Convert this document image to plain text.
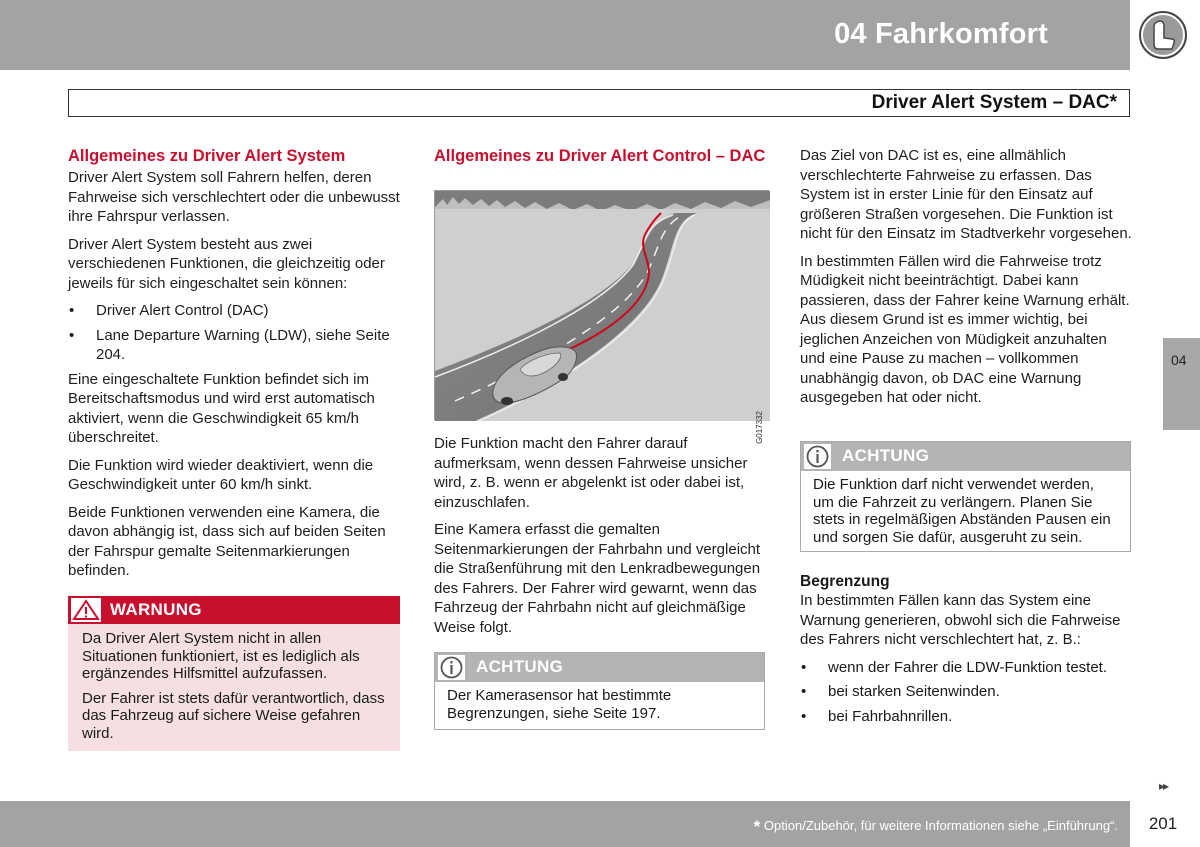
04 Fahrkomfort
Driver Alert System – DAC*
04
Allgemeines zu Driver Alert System

Driver Alert System soll Fahrern helfen, deren Fahrweise sich verschlechtert oder die unbewusst ihre Fahrspur verlassen.

Driver Alert System besteht aus zwei verschiedenen Funktionen, die gleichzeitig oder jeweils für sich eingeschaltet sein können:

• Driver Alert Control (DAC)
• Lane Departure Warning (LDW), siehe Seite 204.

Eine eingeschaltete Funktion befindet sich im Bereitschaftsmodus und wird erst automatisch aktiviert, wenn die Geschwindigkeit 65 km/h überschreitet.

Die Funktion wird wieder deaktiviert, wenn die Geschwindigkeit unter 60 km/h sinkt.

Beide Funktionen verwenden eine Kamera, die davon abhängig ist, dass sich auf beiden Seiten der Fahrspur gemalte Seitenmarkierungen befinden.

WARNUNG

Da Driver Alert System nicht in allen Situationen funktioniert, ist es lediglich als ergänzendes Hilfsmittel aufzufassen.

Der Fahrer ist stets dafür verantwortlich, dass das Fahrzeug auf sichere Weise gefahren wird.

Allgemeines zu Driver Alert Control – DAC
G017332

Die Funktion macht den Fahrer darauf aufmerksam, wenn dessen Fahrweise unsicher wird, z. B. wenn er abgelenkt ist oder dabei ist, einzuschlafen.

Eine Kamera erfasst die gemalten Seitenmarkierungen der Fahrbahn und vergleicht die Straßenführung mit den Lenkradbewegungen des Fahrers. Der Fahrer wird gewarnt, wenn das Fahrzeug der Fahrbahn nicht auf gleichmäßige Weise folgt.

ACHTUNG
Der Kamerasensor hat bestimmte Begrenzungen, siehe Seite 197.

Das Ziel von DAC ist es, eine allmählich verschlechterte Fahrweise zu erfassen. Das System ist in erster Linie für den Einsatz auf größeren Straßen vorgesehen. Die Funktion ist nicht für den Einsatz im Stadtverkehr vorgesehen.

In bestimmten Fällen wird die Fahrweise trotz Müdigkeit nicht beeinträchtigt. Dabei kann passieren, dass der Fahrer keine Warnung erhält. Aus diesem Grund ist es immer wichtig, bei jeglichen Anzeichen von Müdigkeit anzuhalten und eine Pause zu machen – vollkommen unabhängig davon, ob DAC eine Warnung ausgegeben hat oder nicht.

ACHTUNG
Die Funktion darf nicht verwendet werden, um die Fahrzeit zu verlängern. Planen Sie stets in regelmäßigen Abständen Pausen ein und sorgen Sie dafür, ausgeruht zu sein.
Begrenzung

In bestimmten Fällen kann das System eine Warnung generieren, obwohl sich die Fahrweise des Fahrers nicht verschlechtert hat, z. B.:

• wenn der Fahrer die LDW-Funktion testet.
• bei starken Seitenwinden.
• bei Fahrbahnrillen.
▸▸
* Option/Zubehör, für weitere Informationen siehe „Einführung“.	201
